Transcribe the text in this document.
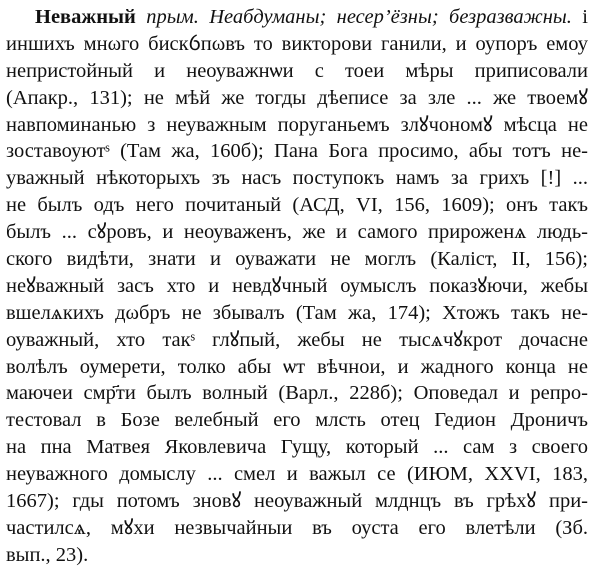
Неважный прым. Неабдуманы; несер’ёзны; безразважны. і
иншихъ мнωго бискỽпωвъ то викторови ганили, и оупоръ емоу
непристойный и неоуважнѡи с тоеи мѣры приписовали
(Апакр., 131); не мѣй же тогды дѣеписе за зле ... же твоемꙋ
навпоминанью з неуважным поруганьемъ злꙋчономꙋ мѣсца не
зоставоуютˢ (Там жа, 160б); Пана Бога просимо, абы тотъ не-
уважный нѣкоторыхъ зъ насъ поступокъ намъ за грихъ [!] ...
не былъ одъ него почитаный (АСД, VI, 156, 1609); онъ такъ
былъ ... сꙋровъ, и неоуваженъ, же и самого прироженѧ людь-
ского видѣти, знати и оуважати не моглъ (Каліст, II, 156);
неꙋважный засъ хто и невдꙋчный оумыслъ показꙋючи, жебы
вшелѧкихъ дωбръ не збывалъ (Там жа, 174); Хтожъ такъ не-
оуважный, хто такˢ глꙋпый, жебы не тысѧчꙋкрот дочасне
волѣлъ оумерети, толко абы ѡт вѣчнои, и жадного конца не
маючеи смр҃ти былъ волный (Варл., 228б); Оповедал и репро-
тестовал в Бозе велебный его млсть отец Гедион Дроничъ
на пна Матвея Яковлевича Гущу, который ... сам з своего
неуважного домыслу ... смел и важыл се (ИЮМ, XXVI, 183,
1667); гды потомъ зновꙋ неоуважный млднцъ въ грѣхꙋ при-
частилсѧ, мꙋхи незвычайныи въ оуста его влетѣли (Зб.
вып., 23).
